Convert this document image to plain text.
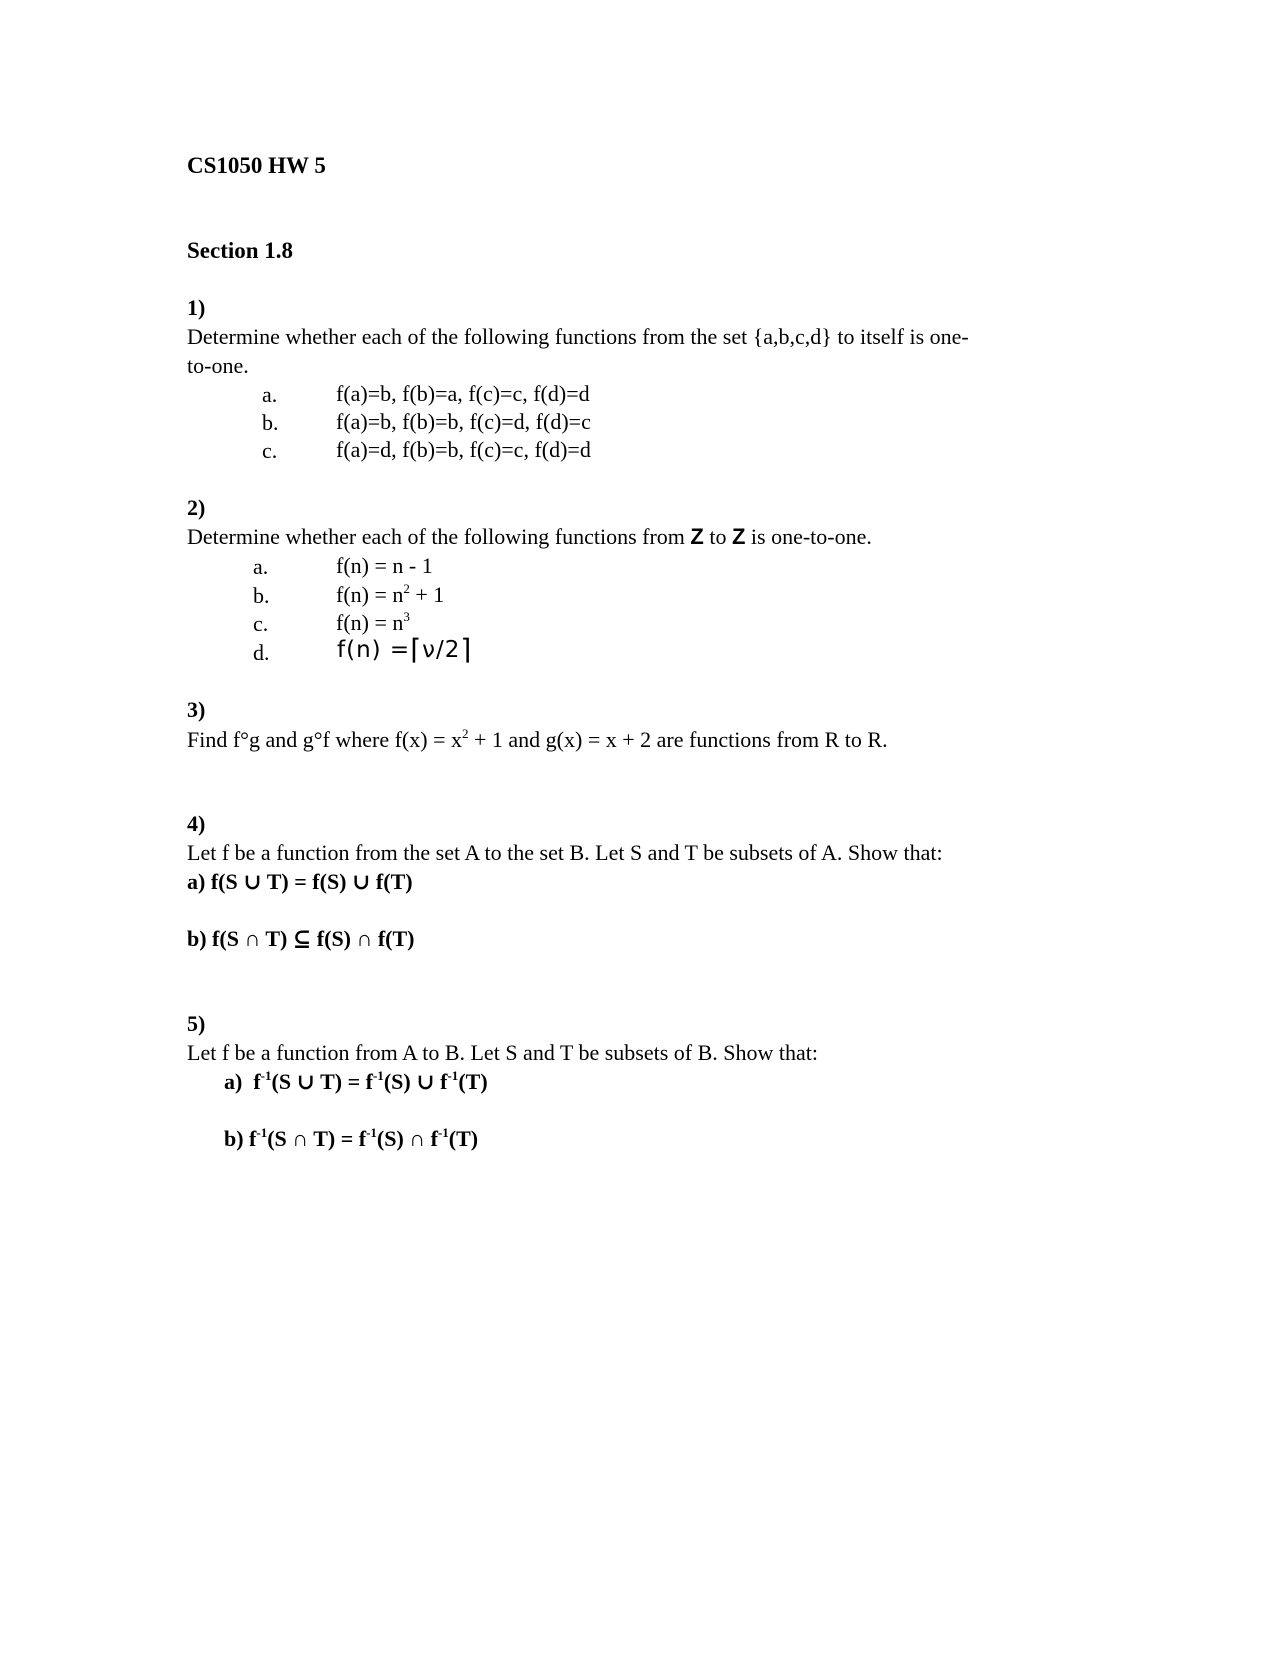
CS1050 HW 5
Section 1.8
1)
Determine whether each of the following functions from the set {a,b,c,d} to itself is one-
to-one.
a.	f(a)=b, f(b)=a, f(c)=c, f(d)=d
b.	f(a)=b, f(b)=b, f(c)=d, f(d)=c
c.	f(a)=d, f(b)=b, f(c)=c, f(d)=d
2)
Determine whether each of the following functions from Z to Z is one-to-one.
a.	f(n) = n - 1
b.	$f(n) = n^2 + 1$
c.	$f(n) = n^3$
d.	f(n) =⌈ν/2⌉
3)
Find f°g and g°f where $f(x) = x^2 + 1$ and g(x) = x + 2 are functions from R to R.
4)
Let f be a function from the set A to the set B. Let S and T be subsets of A. Show that:
a) f(S ∪ T) = f(S) ∪ f(T)
b) f(S ∩ T) ⊆ f(S) ∩ f(T)
5)
Let f be a function from A to B. Let S and T be subsets of B. Show that:
a) $f^{-1}(S$ ∪ $T) = f^{-1}(S)$ ∪ $f^{-1}(T)$
b) $f^{-1}(S$ ∩ $T) = f^{-1}(S)$ ∩ $f^{-1}(T)$
